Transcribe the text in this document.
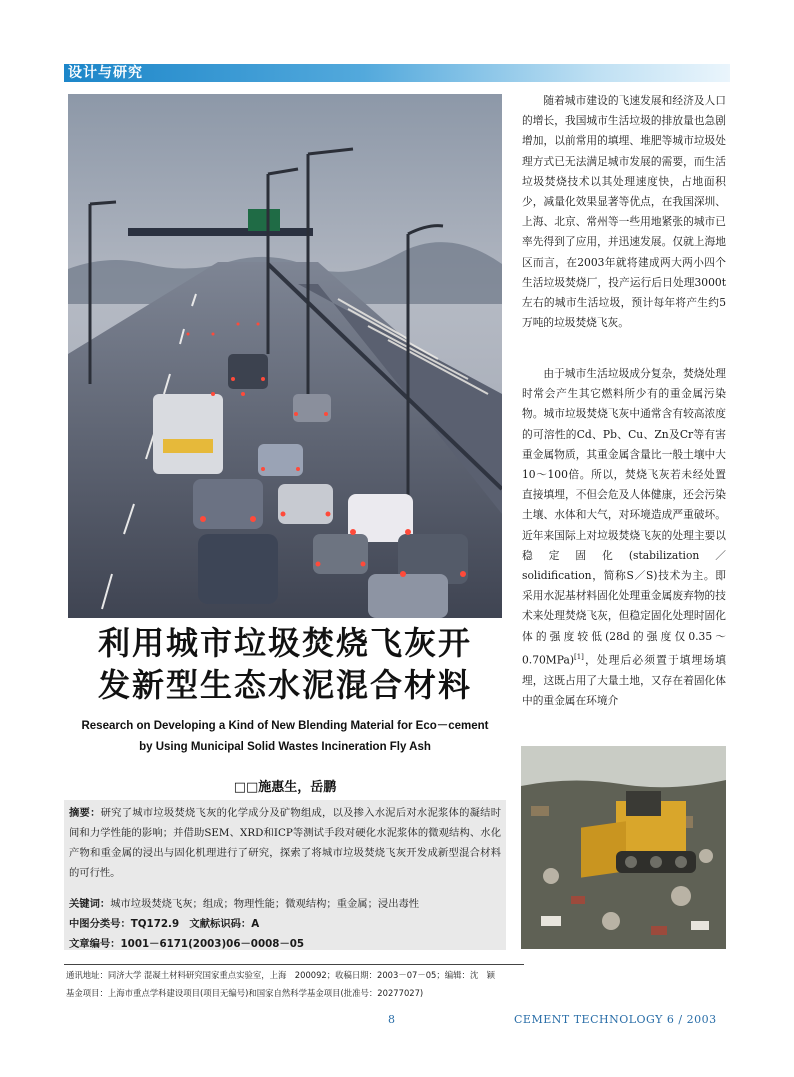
设计与研究
随着城市建设的飞速发展和经济及人口的增长，我国城市生活垃圾的排放量也急剧增加，以前常用的填埋、堆肥等城市垃圾处理方式已无法满足城市发展的需要，而生活垃圾焚烧技术以其处理速度快，占地面积少，减量化效果显著等优点，在我国深圳、上海、北京、常州等一些用地紧张的城市已率先得到了应用，并迅速发展。仅就上海地区而言，在2003年就将建成两大两小四个生活垃圾焚烧厂，投产运行后日处理3000t左右的城市生活垃圾，预计每年将产生约5万吨的垃圾焚烧飞灰。
由于城市生活垃圾成分复杂，焚烧处理时常会产生其它燃料所少有的重金属污染物。城市垃圾焚烧飞灰中通常含有较高浓度的可溶性的Cd、Pb、Cu、Zn及Cr等有害重金属物质，其重金属含量比一般土壤中大10～100倍。所以，焚烧飞灰若未经处置直接填埋，不但会危及人体健康，还会污染土壤、水体和大气，对环境造成严重破坏。近年来国际上对垃圾焚烧飞灰的处理主要以稳定固化(stabilization／solidification，简称S／S)技术为主。即采用水泥基材料固化处理重金属废弃物的技术来处理焚烧飞灰，但稳定固化处理时固化体的强度较低(28d的强度仅0.35～0.70MPa)[1]，处理后必须置于填埋场填埋，这既占用了大量土地，又存在着固化体中的重金属在环境介
利用城市垃圾焚烧飞灰开
发新型生态水泥混合材料
Research on Developing a Kind of New Blending Material for Eco－cement
by Using Municipal Solid Wastes Incineration Fly Ash
□□施惠生，岳鹏
摘要：研究了城市垃圾焚烧飞灰的化学成分及矿物组成，以及掺入水泥后对水泥浆体的凝结时间和力学性能的影响；并借助SEM、XRD和ICP等测试手段对硬化水泥浆体的微观结构、水化产物和重金属的浸出与固化机理进行了研究，探索了将城市垃圾焚烧飞灰开发成新型混合材料的可行性。
关键词：城市垃圾焚烧飞灰；组成；物理性能；微观结构；重金属；浸出毒性
中图分类号：TQ172.9　文献标识码：A
文章编号：1001－6171(2003)06－0008－05
通讯地址：同济大学 混凝土材料研究国家重点实验室，上海　200092；收稿日期：2003－07－05；编辑：沈　颖
基金项目：上海市重点学科建设项目(项目无编号)和国家自然科学基金项目(批准号：20277027)
8	CEMENT TECHNOLOGY 6 / 2003
